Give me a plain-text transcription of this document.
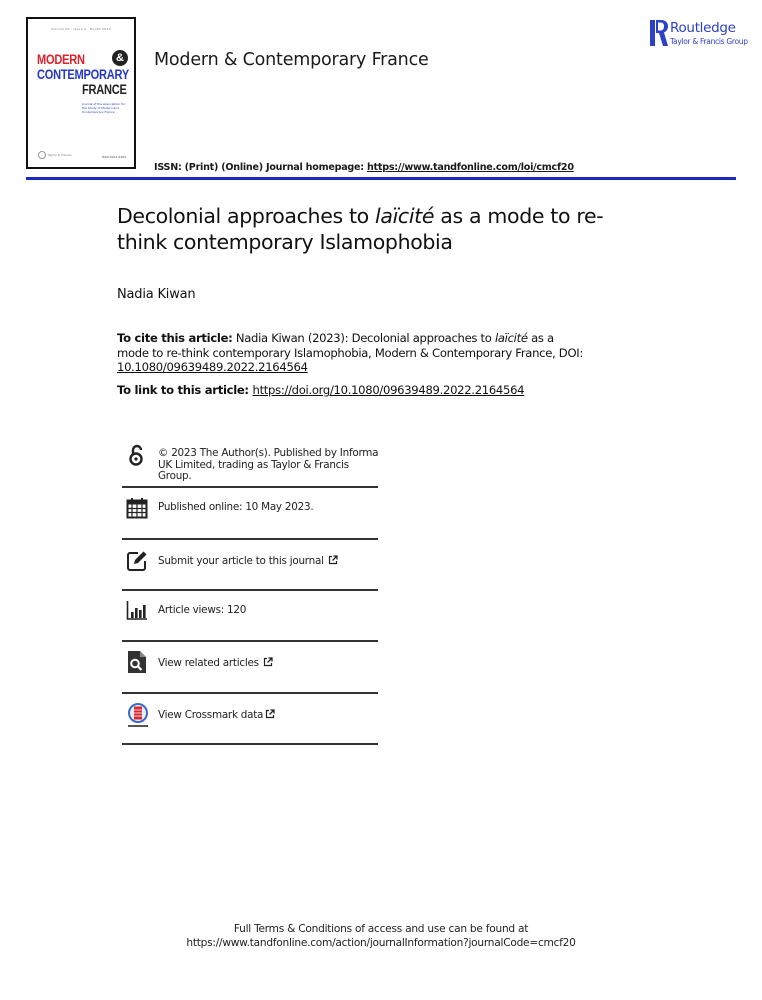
Volume 00 · Issue 0 · Month 2023
MODERN	&
CONTEMPORARY
FRANCE
Journal of the Association for the Study of Modern and Contemporary France
Taylor & Francis	ISSN 0963-9489
Modern & Contemporary France
Routledge
Taylor & Francis Group
ISSN: (Print) (Online) Journal homepage: https://www.tandfonline.com/loi/cmcf20
Decolonial approaches to laïcité as a mode to re-think contemporary Islamophobia
Nadia Kiwan
To cite this article: Nadia Kiwan (2023): Decolonial approaches to laïcité as a mode to re-think contemporary Islamophobia, Modern & Contemporary France, DOI: 10.1080/09639489.2022.2164564
To link to this article: https://doi.org/10.1080/09639489.2022.2164564
© 2023 The Author(s). Published by Informa UK Limited, trading as Taylor & Francis Group.
Published online: 10 May 2023.
Submit your article to this journal
Article views: 120
View related articles
View Crossmark data
Full Terms & Conditions of access and use can be found at
https://www.tandfonline.com/action/journalInformation?journalCode=cmcf20
